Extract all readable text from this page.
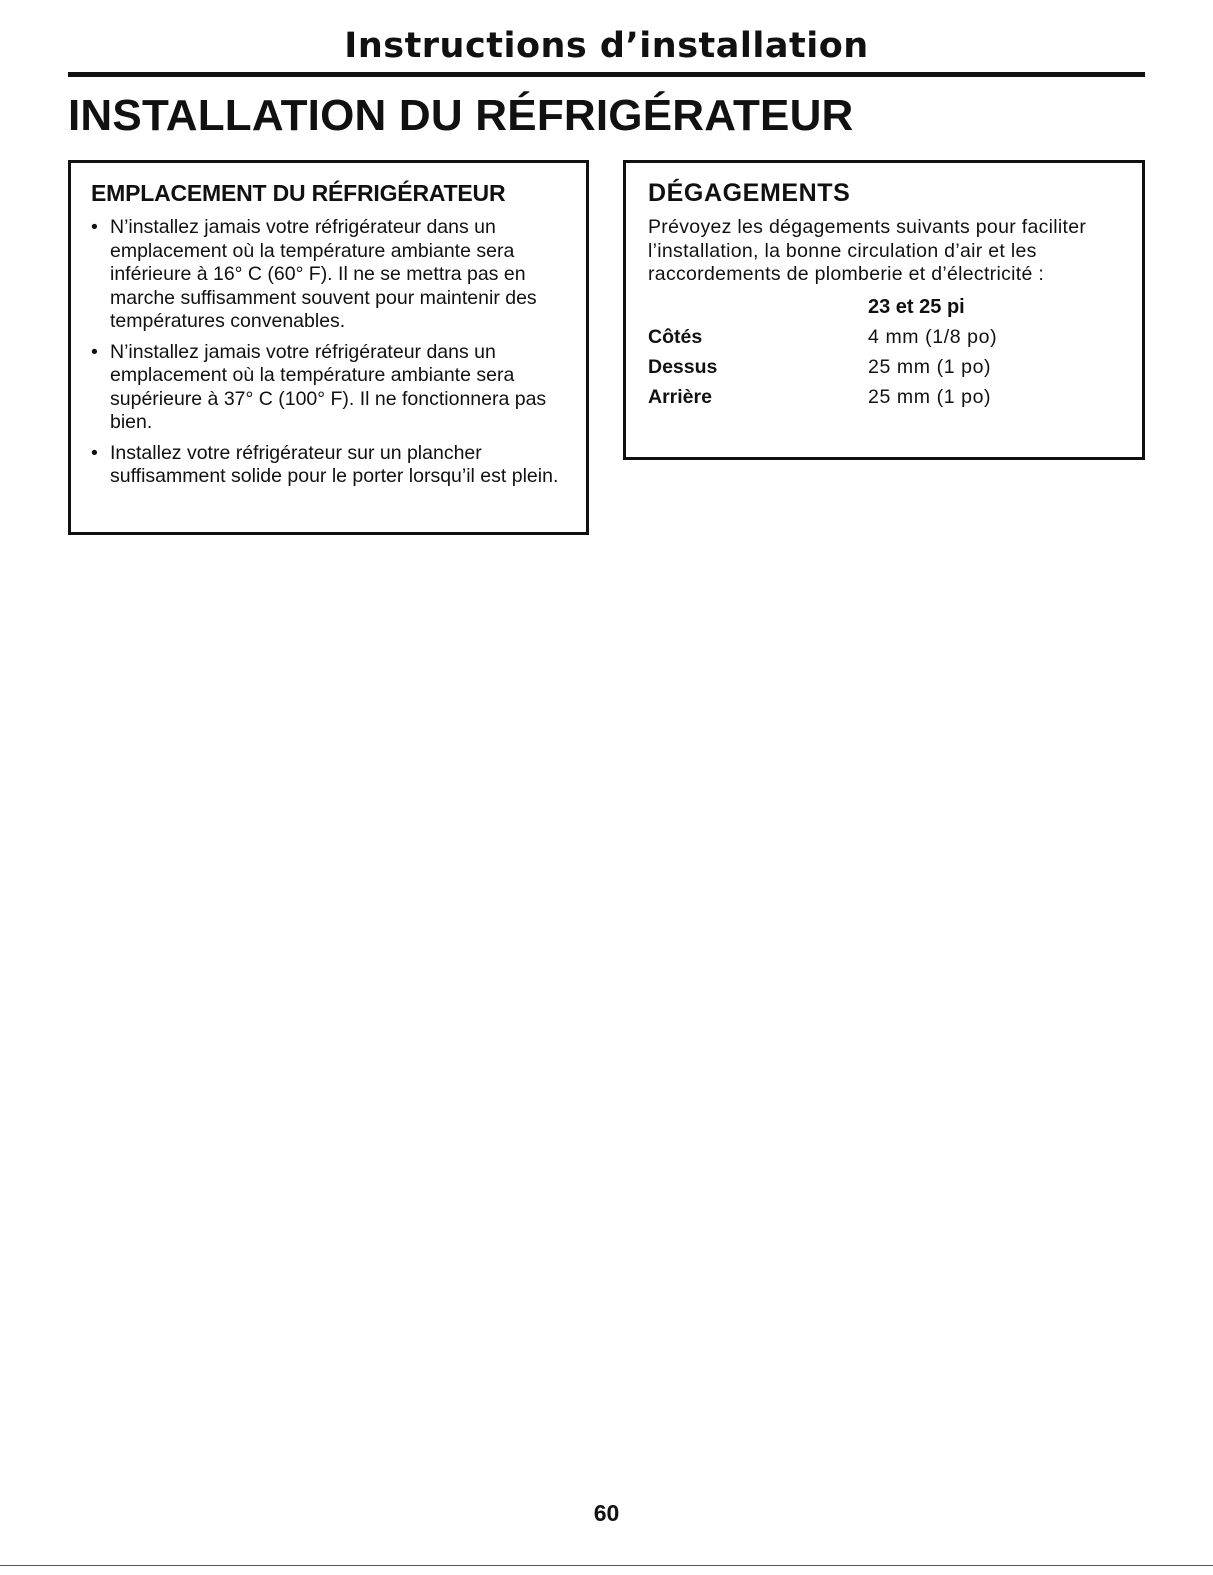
Instructions d’installation
INSTALLATION DU RÉFRIGÉRATEUR
EMPLACEMENT DU RÉFRIGÉRATEUR
• N’installez jamais votre réfrigérateur dans un emplacement où la température ambiante sera inférieure à 16° C (60° F). Il ne se mettra pas en marche suffisamment souvent pour maintenir des températures convenables.
• N’installez jamais votre réfrigérateur dans un emplacement où la température ambiante sera supérieure à 37° C (100° F). Il ne fonctionnera pas bien.
• Installez votre réfrigérateur sur un plancher suffisamment solide pour le porter lorsqu’il est plein.
DÉGAGEMENTS

Prévoyez les dégagements suivants pour faciliter l’installation, la bonne circulation d’air et les raccordements de plomberie et d’électricité :

	23 et 25 pi
Côtés	4 mm (1/8 po)
Dessus	25 mm (1 po)
Arrière	25 mm (1 po)
60
